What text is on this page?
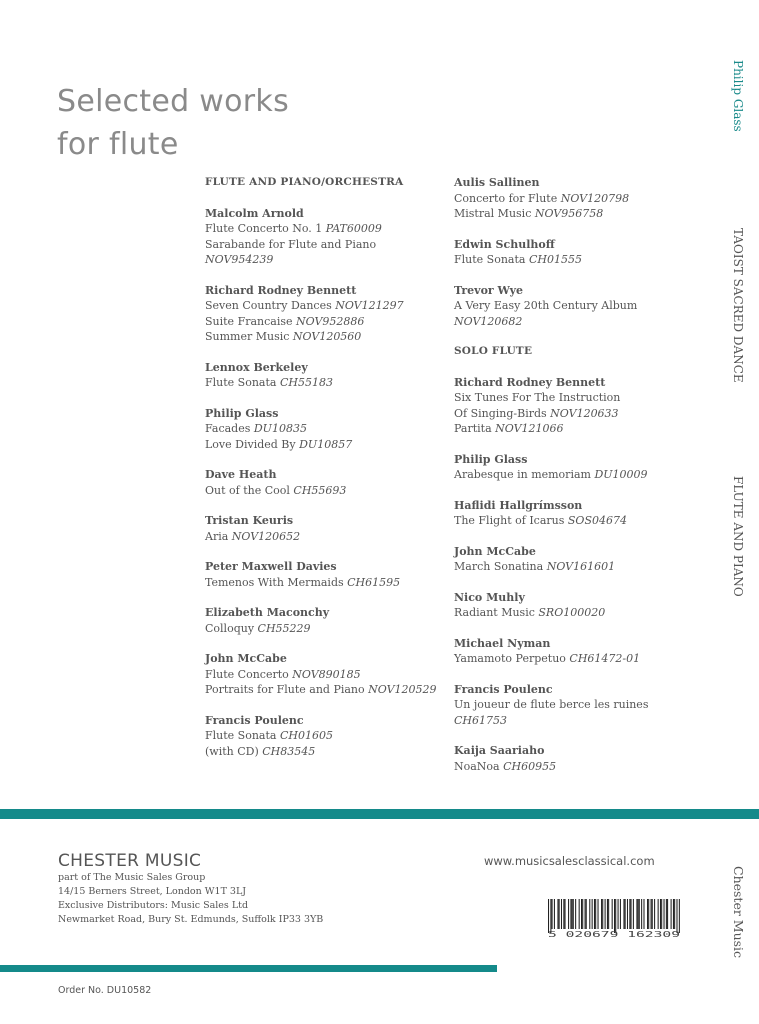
Selected works
for flute
FLUTE AND PIANO/ORCHESTRA
Malcolm Arnold
Flute Concerto No. 1 PAT60009
Sarabande for Flute and Piano
NOV954239
Richard Rodney Bennett
Seven Country Dances NOV121297
Suite Francaise NOV952886
Summer Music NOV120560
Lennox Berkeley
Flute Sonata CH55183
Philip Glass
Facades DU10835
Love Divided By DU10857
Dave Heath
Out of the Cool CH55693
Tristan Keuris
Aria NOV120652
Peter Maxwell Davies
Temenos With Mermaids CH61595
Elizabeth Maconchy
Colloquy CH55229
John McCabe
Flute Concerto NOV890185
Portraits for Flute and Piano NOV120529
Francis Poulenc
Flute Sonata CH01605
(with CD) CH83545
Aulis Sallinen
Concerto for Flute NOV120798
Mistral Music NOV956758
Edwin Schulhoff
Flute Sonata CH01555
Trevor Wye
A Very Easy 20th Century Album
NOV120682
SOLO FLUTE
Richard Rodney Bennett
Six Tunes For The Instruction
Of Singing-Birds NOV120633
Partita NOV121066
Philip Glass
Arabesque in memoriam DU10009
Haflidi Hallgrímsson
The Flight of Icarus SOS04674
John McCabe
March Sonatina NOV161601
Nico Muhly
Radiant Music SRO100020
Michael Nyman
Yamamoto Perpetuo CH61472-01
Francis Poulenc
Un joueur de flute berce les ruines
CH61753
Kaija Saariaho
NoaNoa CH60955
Philip Glass
TAOIST SACRED DANCE
FLUTE AND PIANO
Chester Music
CHESTER MUSIC
part of The Music Sales Group
14/15 Berners Street, London W1T 3LJ
Exclusive Distributors: Music Sales Ltd
Newmarket Road, Bury St. Edmunds, Suffolk IP33 3YB
www.musicsalesclassical.com
5 020679 162309
Order No. DU10582
